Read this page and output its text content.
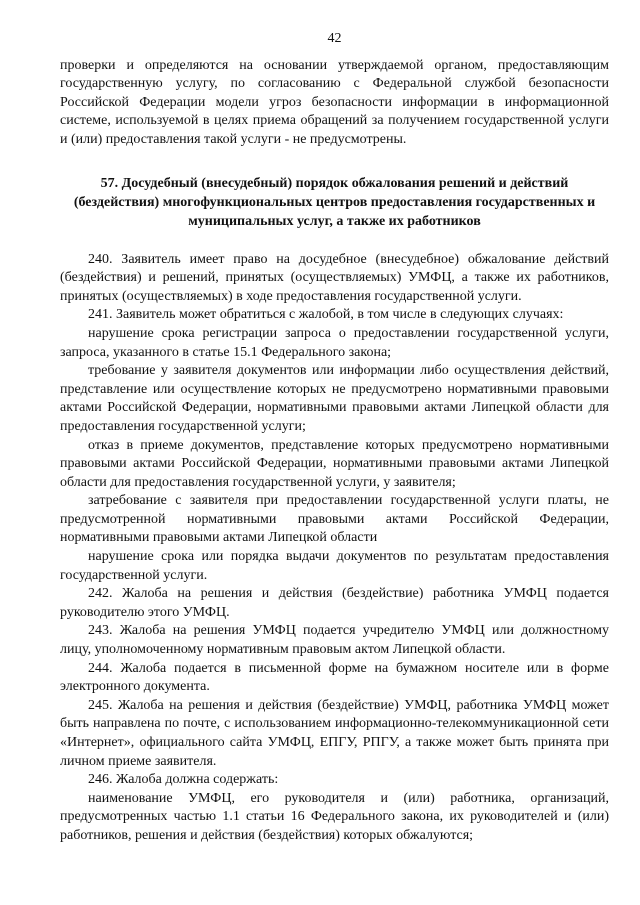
42

проверки и определяются на основании утверждаемой органом, предоставляющим государственную услугу, по согласованию с Федеральной службой безопасности Российской Федерации модели угроз безопасности информации в информационной системе, используемой в целях приема обращений за получением государственной услуги и (или) предоставления такой услуги - не предусмотрены.

57. Досудебный (внесудебный) порядок обжалования решений и действий (бездействия) многофункциональных центров предоставления государственных и муниципальных услуг, а также их работников

240. Заявитель имеет право на досудебное (внесудебное) обжалование действий (бездействия) и решений, принятых (осуществляемых) УМФЦ, а также их работников, принятых (осуществляемых) в ходе предоставления государственной услуги.

241. Заявитель может обратиться с жалобой, в том числе в следующих случаях:

нарушение срока регистрации запроса о предоставлении государственной услуги, запроса, указанного в статье 15.1 Федерального закона;

требование у заявителя документов или информации либо осуществления действий, представление или осуществление которых не предусмотрено нормативными правовыми актами Российской Федерации, нормативными правовыми актами Липецкой области для предоставления государственной услуги;

отказ в приеме документов, представление которых предусмотрено нормативными правовыми актами Российской Федерации, нормативными правовыми актами Липецкой области для предоставления государственной услуги, у заявителя;

затребование с заявителя при предоставлении государственной услуги платы, не предусмотренной нормативными правовыми актами Российской Федерации, нормативными правовыми актами Липецкой области

нарушение срока или порядка выдачи документов по результатам предоставления государственной услуги.

242. Жалоба на решения и действия (бездействие) работника УМФЦ подается руководителю этого УМФЦ.

243. Жалоба на решения УМФЦ подается учредителю УМФЦ или должностному лицу, уполномоченному нормативным правовым актом Липецкой области.

244. Жалоба подается в письменной форме на бумажном носителе или в форме электронного документа.

245. Жалоба на решения и действия (бездействие) УМФЦ, работника УМФЦ может быть направлена по почте, с использованием информационно-телекоммуникационной сети «Интернет», официального сайта УМФЦ, ЕПГУ, РПГУ, а также может быть принята при личном приеме заявителя.

246. Жалоба должна содержать:

наименование УМФЦ, его руководителя и (или) работника, организаций, предусмотренных частью 1.1 статьи 16 Федерального закона, их руководителей и (или) работников, решения и действия (бездействия) которых обжалуются;
